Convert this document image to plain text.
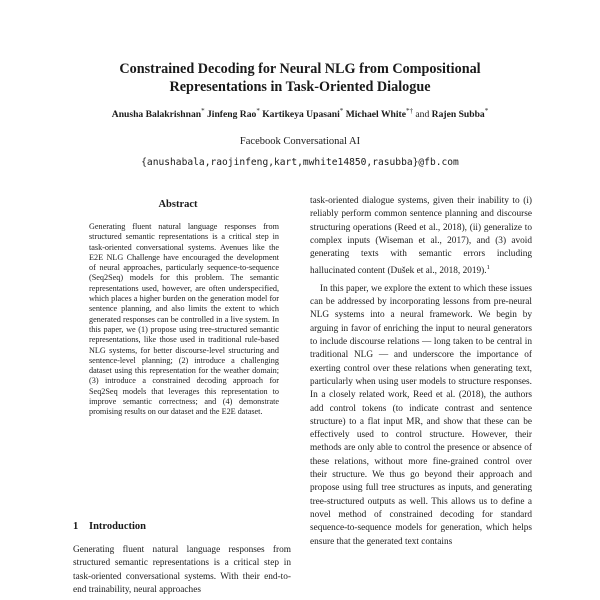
Constrained Decoding for Neural NLG from Compositional
Representations in Task-Oriented Dialogue
Anusha Balakrishnan* Jinfeng Rao* Kartikeya Upasani* Michael White*† and Rajen Subba*
Facebook Conversational AI
{anushabala,raojinfeng,kart,mwhite14850,rasubba}@fb.com
Abstract
Generating fluent natural language responses from structured semantic representations is a critical step in task-oriented conversational systems. Avenues like the E2E NLG Challenge have encouraged the development of neural approaches, particularly sequence-to-sequence (Seq2Seq) models for this problem. The semantic representations used, however, are often underspecified, which places a higher burden on the generation model for sentence planning, and also limits the extent to which generated responses can be controlled in a live system. In this paper, we (1) propose using tree-structured semantic representations, like those used in traditional rule-based NLG systems, for better discourse-level structuring and sentence-level planning; (2) introduce a challenging dataset using this representation for the weather domain; (3) introduce a constrained decoding approach for Seq2Seq models that leverages this representation to improve semantic correctness; and (4) demonstrate promising results on our dataset and the E2E dataset.
1 Introduction

Generating fluent natural language responses from structured semantic representations is a critical step in task-oriented conversational systems. With their end-to-end trainability, neural approaches

task-oriented dialogue systems, given their inability to (i) reliably perform common sentence planning and discourse structuring operations (Reed et al., 2018), (ii) generalize to complex inputs (Wiseman et al., 2017), and (3) avoid generating texts with semantic errors including hallucinated content (Dušek et al., 2018, 2019).$^1$

In this paper, we explore the extent to which these issues can be addressed by incorporating lessons from pre-neural NLG systems into a neural framework. We begin by arguing in favor of enriching the input to neural generators to include discourse relations — long taken to be central in traditional NLG — and underscore the importance of exerting control over these relations when generating text, particularly when using user models to structure responses. In a closely related work, Reed et al. (2018), the authors add control tokens (to indicate contrast and sentence structure) to a flat input MR, and show that these can be effectively used to control structure. However, their methods are only able to control the presence or absence of these relations, without more fine-grained control over their structure. We thus go beyond their approach and propose using full tree structures as inputs, and generating tree-structured outputs as well. This allows us to define a novel method of constrained decoding for standard sequence-to-sequence models for generation, which helps ensure that the generated text contains
